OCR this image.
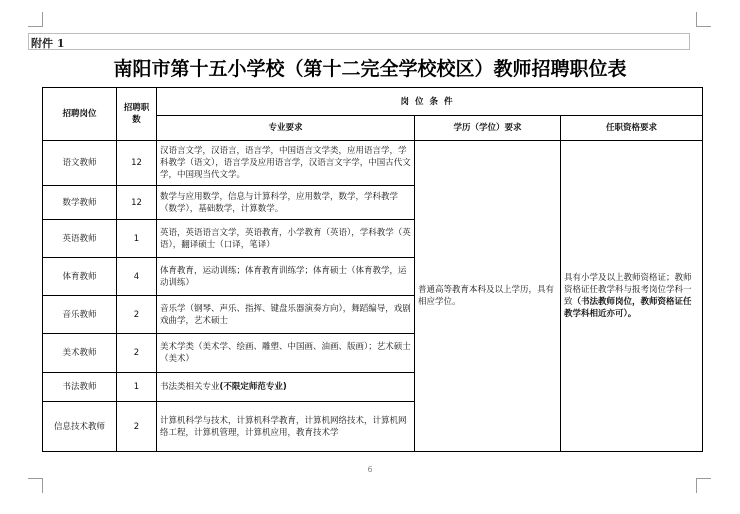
附件 1
南阳市第十五小学校（第十二完全学校校区）教师招聘职位表
招聘岗位	招聘职数	岗位条件		
		专业要求	学历（学位）要求	任职资格要求
语文教师	12	汉语言文学，汉语言，语言学，中国语言文学类，应用语言学，学科教学（语文），语言学及应用语言学，汉语言文字学，中国古代文学，中国现当代文学。	普通高等教育本科及以上学历，具有相应学位。	具有小学及以上教师资格证；教师资格证任教学科与报考岗位学科一致（书法教师岗位，教师资格证任教学科相近亦可）。
数学教师	12	数学与应用数学，信息与计算科学，应用数学，数学，学科教学（数学），基础数学，计算数学。		
英语教师	1	英语，英语语言文学，英语教育，小学教育（英语），学科教学（英语），翻译硕士（口译，笔译）		
体育教师	4	体育教育，运动训练；体育教育训练学；体育硕士（体育教学，运动训练）		
音乐教师	2	音乐学（钢琴、声乐、指挥、键盘乐器演奏方向），舞蹈编导，戏剧戏曲学，艺术硕士		
美术教师	2	美术学类（美术学、绘画、雕塑、中国画、油画、版画）；艺术硕士（美术）		
书法教师	1	书法类相关专业(不限定师范专业)		
信息技术教师	2	计算机科学与技术，计算机科学教育，计算机网络技术，计算机网络工程，计算机管理，计算机应用，教育技术学		
6
